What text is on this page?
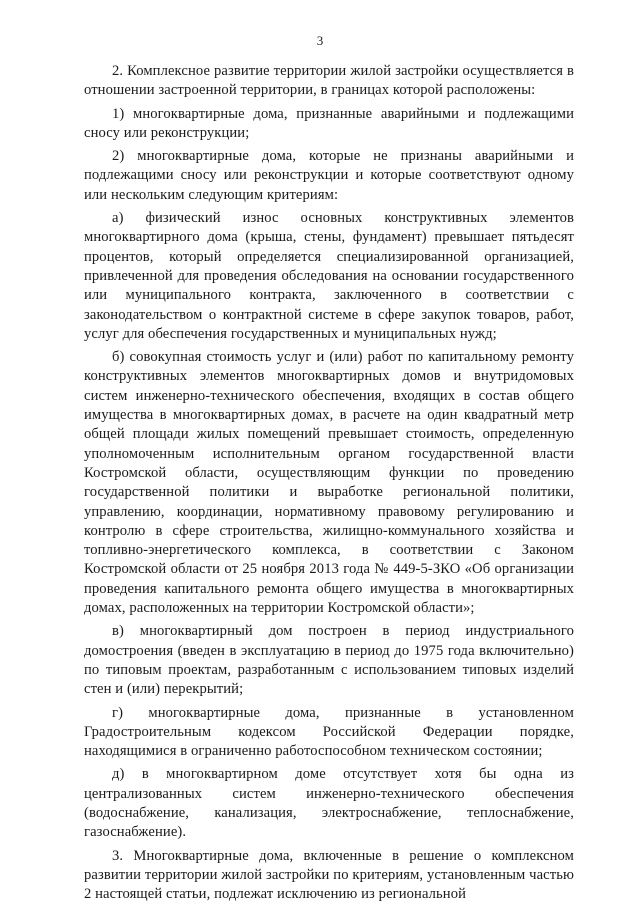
3

2. Комплексное развитие территории жилой застройки осуществляется в отношении застроенной территории, в границах которой расположены:

1) многоквартирные дома, признанные аварийными и подлежащими сносу или реконструкции;

2) многоквартирные дома, которые не признаны аварийными и подлежащими сносу или реконструкции и которые соответствуют одному или нескольким следующим критериям:

а) физический износ основных конструктивных элементов многоквартирного дома (крыша, стены, фундамент) превышает пятьдесят процентов, который определяется специализированной организацией, привлеченной для проведения обследования на основании государственного или муниципального контракта, заключенного в соответствии с законодательством о контрактной системе в сфере закупок товаров, работ, услуг для обеспечения государственных и муниципальных нужд;

б) совокупная стоимость услуг и (или) работ по капитальному ремонту конструктивных элементов многоквартирных домов и внутридомовых систем инженерно-технического обеспечения, входящих в состав общего имущества в многоквартирных домах, в расчете на один квадратный метр общей площади жилых помещений превышает стоимость, определенную уполномоченным исполнительным органом государственной власти Костромской области, осуществляющим функции по проведению государственной политики и выработке региональной политики, управлению, координации, нормативному правовому регулированию и контролю в сфере строительства, жилищно-коммунального хозяйства и топливно-энергетического комплекса, в соответствии с Законом Костромской области от 25 ноября 2013 года № 449-5-ЗКО «Об организации проведения капитального ремонта общего имущества в многоквартирных домах, расположенных на территории Костромской области»;

в) многоквартирный дом построен в период индустриального домостроения (введен в эксплуатацию в период до 1975 года включительно) по типовым проектам, разработанным с использованием типовых изделий стен и (или) перекрытий;

г) многоквартирные дома, признанные в установленном Градостроительным кодексом Российской Федерации порядке, находящимися в ограниченно работоспособном техническом состоянии;

д) в многоквартирном доме отсутствует хотя бы одна из централизованных систем инженерно-технического обеспечения (водоснабжение, канализация, электроснабжение, теплоснабжение, газоснабжение).

3. Многоквартирные дома, включенные в решение о комплексном развитии территории жилой застройки по критериям, установленным частью 2 настоящей статьи, подлежат исключению из региональной
